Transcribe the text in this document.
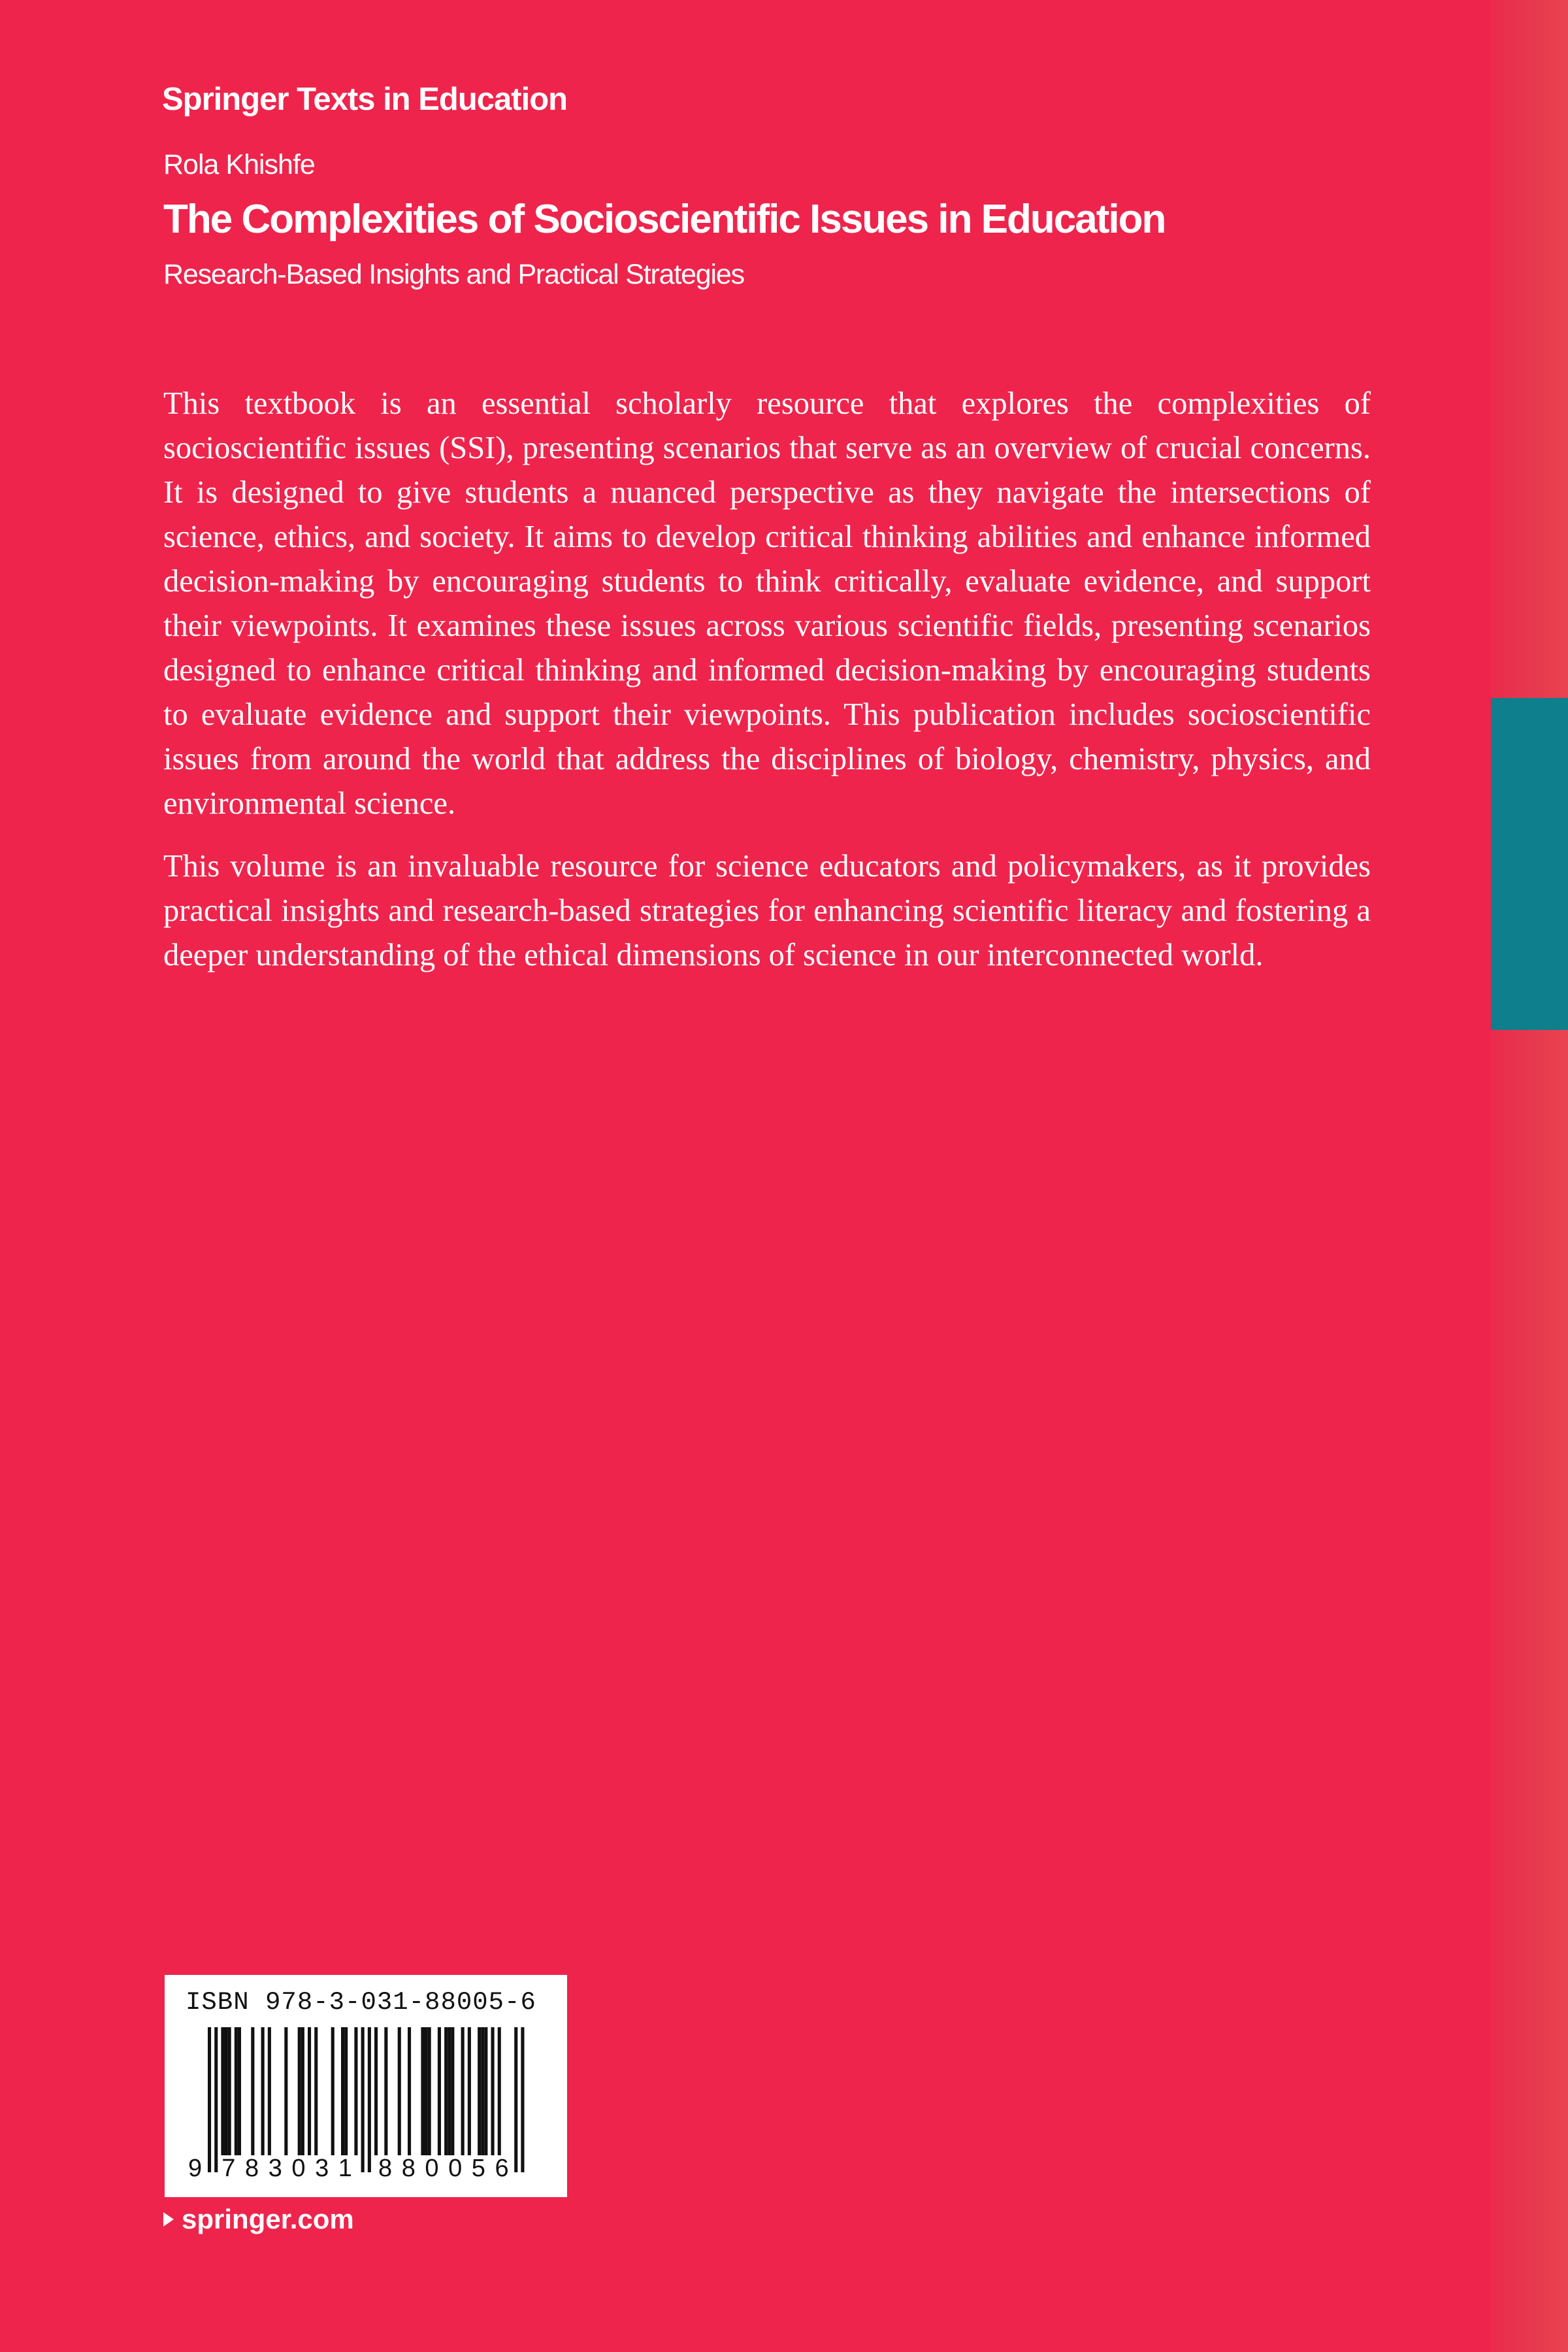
Springer Texts in Education
Rola Khishfe
The Complexities of Socioscientific Issues in Education
Research-Based Insights and Practical Strategies

This textbook is an essential scholarly resource that explores the complexities of socioscientific issues (SSI), presenting scenarios that serve as an overview of crucial concerns. It is designed to give students a nuanced perspective as they navigate the intersections of science, ethics, and society. It aims to develop critical thinking abilities and enhance informed decision-making by encouraging students to think critically, evaluate evidence, and support their viewpoints. It examines these issues across various scientific fields, presenting scenarios designed to enhance critical thinking and informed decision-making by encouraging students to evaluate evidence and support their viewpoints. This publication includes socioscientific issues from around the world that address the disciplines of biology, chemistry, physics, and environmental science.

This volume is an invaluable resource for science educators and policymakers, as it provides practical insights and research-based strategies for enhancing scientific literacy and fostering a deeper understanding of the ethical dimensions of science in our interconnected world.

ISBN 978-3-031-88005-6
9 7 8 3 0 3 1 8 8 0 0 5 6
springer.com
